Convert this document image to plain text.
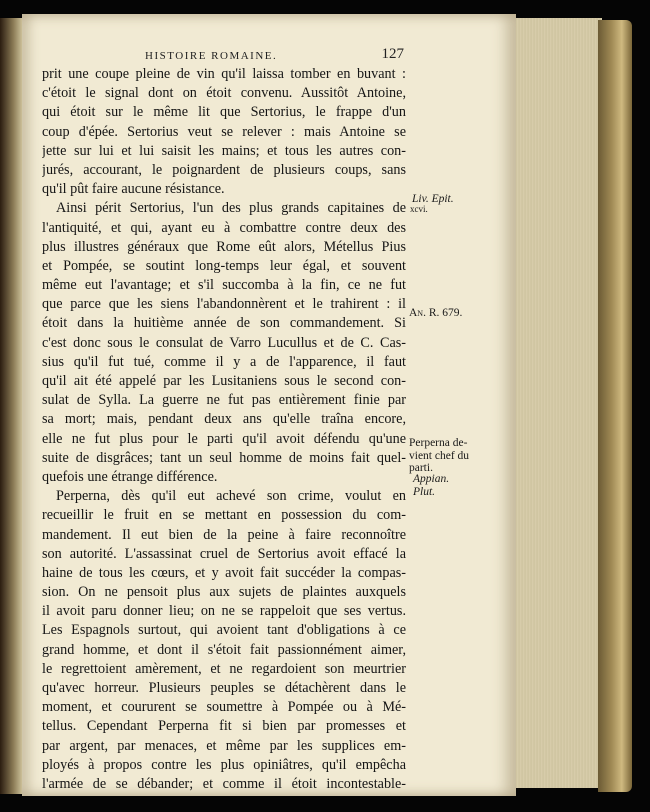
HISTOIRE ROMAINE.	127
prit une coupe pleine de vin qu'il laissa tomber en buvant :
c'étoit le signal dont on étoit convenu. Aussitôt Antoine,
qui étoit sur le même lit que Sertorius, le frappe d'un
coup d'épée. Sertorius veut se relever : mais Antoine se
jette sur lui et lui saisit les mains; et tous les autres con-
jurés, accourant, le poignardent de plusieurs coups, sans
qu'il pût faire aucune résistance.
Ainsi périt Sertorius, l'un des plus grands capitaines de
l'antiquité, et qui, ayant eu à combattre contre deux des
plus illustres généraux que Rome eût alors, Métellus Pius
et Pompée, se soutint long-temps leur égal, et souvent
même eut l'avantage; et s'il succomba à la fin, ce ne fut
que parce que les siens l'abandonnèrent et le trahirent : il
étoit dans la huitième année de son commandement. Si
c'est donc sous le consulat de Varro Lucullus et de C. Cas-
sius qu'il fut tué, comme il y a de l'apparence, il faut
qu'il ait été appelé par les Lusitaniens sous le second con-
sulat de Sylla. La guerre ne fut pas entièrement finie par
sa mort; mais, pendant deux ans qu'elle traîna encore,
elle ne fut plus pour le parti qu'il avoit défendu qu'une
suite de disgrâces; tant un seul homme de moins fait quel-
quefois une étrange différence.
Perperna, dès qu'il eut achevé son crime, voulut en
recueillir le fruit en se mettant en possession du com-
mandement. Il eut bien de la peine à faire reconnoître
son autorité. L'assassinat cruel de Sertorius avoit effacé la
haine de tous les cœurs, et y avoit fait succéder la compas-
sion. On ne pensoit plus aux sujets de plaintes auxquels
il avoit paru donner lieu; on ne se rappeloit que ses vertus.
Les Espagnols surtout, qui avoient tant d'obligations à ce
grand homme, et dont il s'étoit fait passionnément aimer,
le regrettoient amèrement, et ne regardoient son meurtrier
qu'avec horreur. Plusieurs peuples se détachèrent dans le
moment, et coururent se soumettre à Pompée ou à Mé-
tellus. Cependant Perperna fit si bien par promesses et
par argent, par menaces, et même par les supplices em-
ployés à propos contre les plus opiniâtres, qu'il empêcha
l'armée de se débander; et comme il étoit incontestable-
Liv. Epit.
xcvi.
An. R. 679.
Perperna de-
vient chef du
parti.
Appian.
Plut.
